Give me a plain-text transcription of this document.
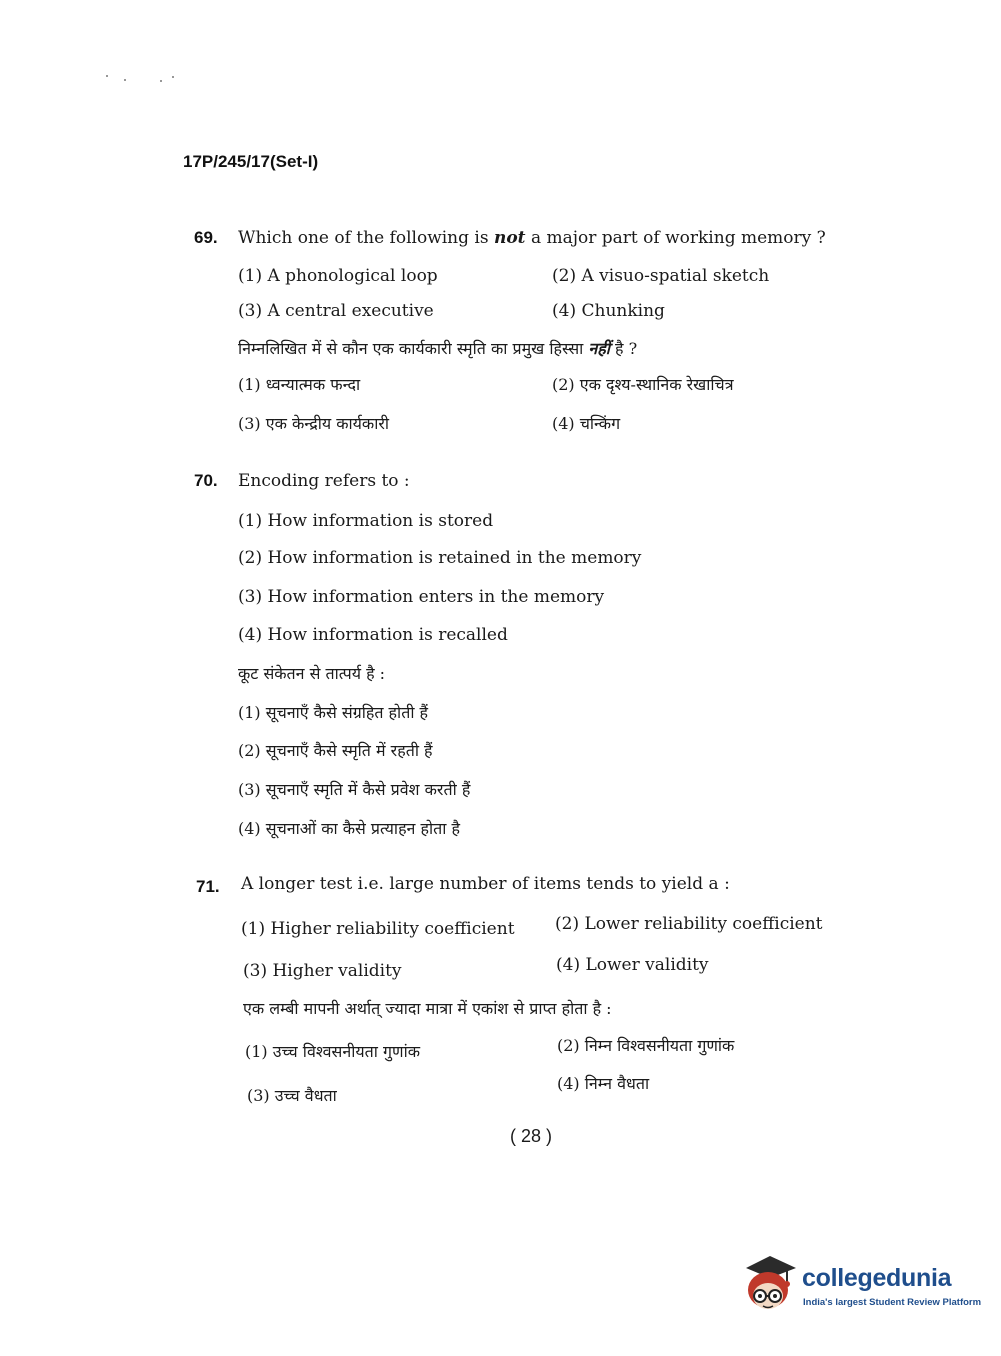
17P/245/17(Set-I)
69. Which one of the following is not a major part of working memory ?
(1) A phonological loop	(2) A visuo-spatial sketch
(3) A central executive	(4) Chunking
निम्नलिखित में से कौन एक कार्यकारी स्मृति का प्रमुख हिस्सा नहीं है ?
(1) ध्वन्यात्मक फन्दा	(2) एक दृश्य-स्थानिक रेखाचित्र
(3) एक केन्द्रीय कार्यकारी	(4) चन्किंग
70. Encoding refers to :
(1) How information is stored
(2) How information is retained in the memory
(3) How information enters in the memory
(4) How information is recalled
कूट संकेतन से तात्पर्य है :
(1) सूचनाएँ कैसे संग्रहित होती हैं
(2) सूचनाएँ कैसे स्मृति में रहती हैं
(3) सूचनाएँ स्मृति में कैसे प्रवेश करती हैं
(4) सूचनाओं का कैसे प्रत्याहन होता है
71. A longer test i.e. large number of items tends to yield a :
(1) Higher reliability coefficient (2) Lower reliability coefficient
(3) Higher validity	(4) Lower validity
एक लम्बी मापनी अर्थात् ज्यादा मात्रा में एकांश से प्राप्त होता है :
(1) उच्च विश्वसनीयता गुणांक	(2) निम्न विश्वसनीयता गुणांक
(3) उच्च वैधता
(4) निम्न वैधता
( 28 )
collegedunia
India's largest Student Review Platform
